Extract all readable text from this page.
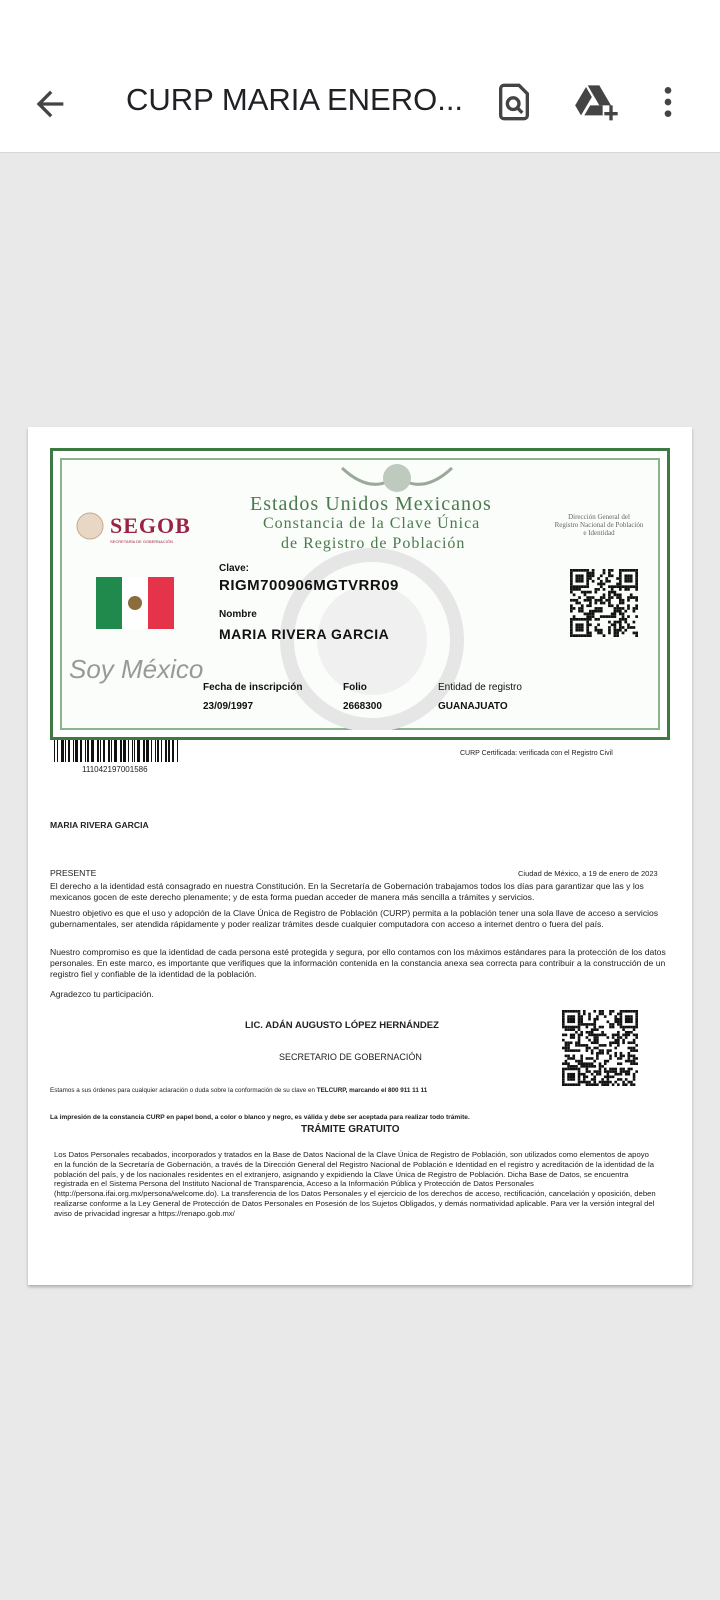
CURP MARIA ENERO...
Estados Unidos Mexicanos
Constancia de la Clave Única
de Registro de Población
Dirección General del
Registro Nacional de Población
e Identidad
SEGOB
SECRETARÍA DE GOBERNACIÓN
Soy México
Clave:
RIGM700906MGTVRR09
Nombre
MARIA RIVERA GARCIA
Fecha de inscripción
23/09/1997
Folio
2668300
Entidad de registro
GUANAJUATO
111042197001586
CURP Certificada: verificada con el Registro Civil
MARIA RIVERA GARCIA
PRESENTE	Ciudad de México, a 19 de enero de 2023
El derecho a la identidad está consagrado en nuestra Constitución. En la Secretaría de Gobernación trabajamos todos los días para garantizar que las y los mexicanos gocen de este derecho plenamente; y de esta forma puedan acceder de manera más sencilla a trámites y servicios.
Nuestro objetivo es que el uso y adopción de la Clave Única de Registro de Población (CURP) permita a la población tener una sola llave de acceso a servicios gubernamentales, ser atendida rápidamente y poder realizar trámites desde cualquier computadora con acceso a internet dentro o fuera del país.
Nuestro compromiso es que la identidad de cada persona esté protegida y segura, por ello contamos con los máximos estándares para la protección de los datos personales. En este marco, es importante que verifiques que la información contenida en la constancia anexa sea correcta para contribuir a la construcción de un registro fiel y confiable de la identidad de la población.
Agradezco tu participación.
LIC. ADÁN AUGUSTO LÓPEZ HERNÁNDEZ
SECRETARIO DE GOBERNACIÓN
Estamos a sus órdenes para cualquier aclaración o duda sobre la conformación de su clave en TELCURP, marcando el 800 911 11 11
La impresión de la constancia CURP en papel bond, a color o blanco y negro, es válida y debe ser aceptada para realizar todo trámite.
TRÁMITE GRATUITO
Los Datos Personales recabados, incorporados y tratados en la Base de Datos Nacional de la Clave Única de Registro de Población, son utilizados como elementos de apoyo en la función de la Secretaría de Gobernación, a través de la Dirección General del Registro Nacional de Población e Identidad en el registro y acreditación de la identidad de la población del país, y de los nacionales residentes en el extranjero, asignando y expidiendo la Clave Única de Registro de Población. Dicha Base de Datos, se encuentra registrada en el Sistema Persona del Instituto Nacional de Transparencia, Acceso a la Información Pública y Protección de Datos Personales (http://persona.ifai.org.mx/persona/welcome.do). La transferencia de los Datos Personales y el ejercicio de los derechos de acceso, rectificación, cancelación y oposición, deben realizarse conforme a la Ley General de Protección de Datos Personales en Posesión de los Sujetos Obligados, y demás normatividad aplicable. Para ver la versión integral del aviso de privacidad ingresar a https://renapo.gob.mx/
